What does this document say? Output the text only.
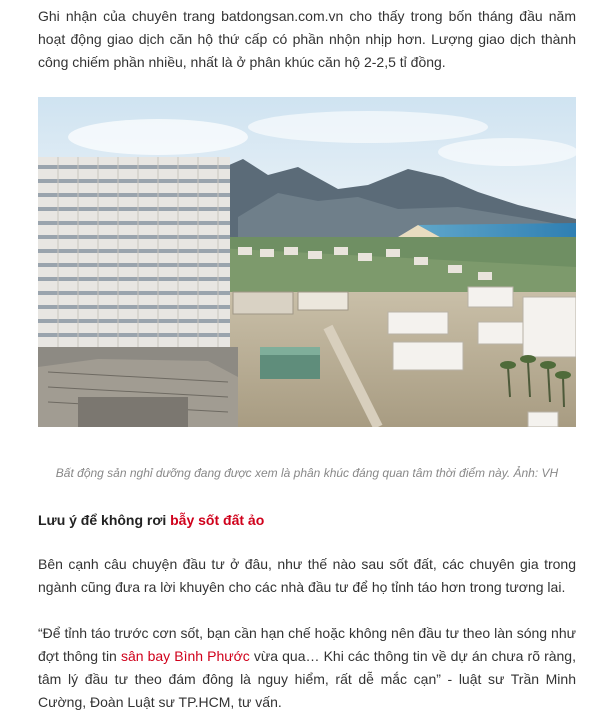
Ghi nhận của chuyên trang batdongsan.com.vn cho thấy trong bốn tháng đầu năm hoạt động giao dịch căn hộ thứ cấp có phần nhộn nhịp hơn. Lượng giao dịch thành công chiếm phần nhiều, nhất là ở phân khúc căn hộ 2-2,5 tỉ đồng.

Bất động sản nghỉ dưỡng đang được xem là phân khúc đáng quan tâm thời điểm này. Ảnh: VH

Lưu ý để không rơi bẫy sốt đất ảo

Bên cạnh câu chuyện đầu tư ở đâu, như thế nào sau sốt đất, các chuyên gia trong ngành cũng đưa ra lời khuyên cho các nhà đầu tư để họ tỉnh táo hơn trong tương lai.

“Để tỉnh táo trước cơn sốt, bạn cần hạn chế hoặc không nên đầu tư theo làn sóng như đợt thông tin sân bay Bình Phước vừa qua… Khi các thông tin về dự án chưa rõ ràng, tâm lý đầu tư theo đám đông là nguy hiểm, rất dễ mắc cạn” - luật sư Trần Minh Cường, Đoàn Luật sư TP.HCM, tư vấn.
